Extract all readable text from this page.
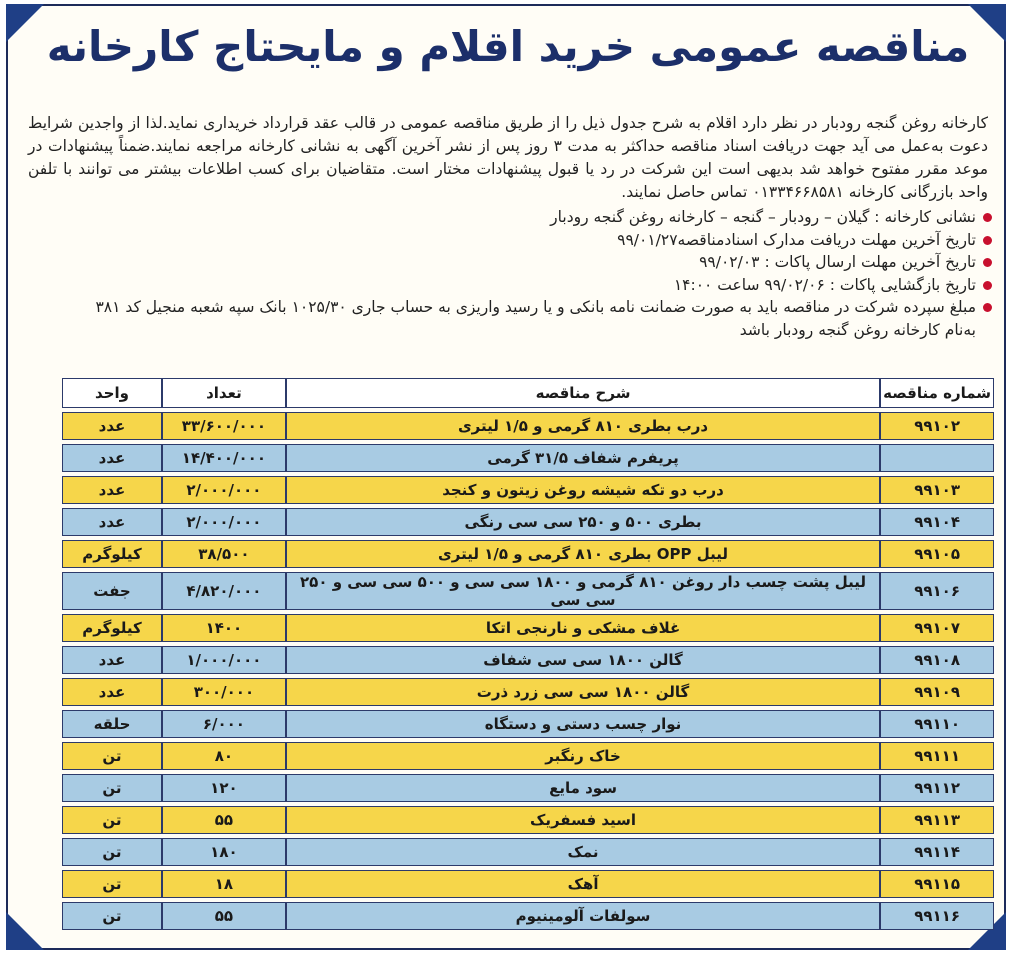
مناقصه عمومی خرید اقلام و مایحتاج کارخانه
کارخانه روغن گنجه رودبار در نظر دارد اقلام به شرح جدول ذیل را از طریق مناقصه عمومی در قالب عقد قرارداد خریداری نماید.لذا از واجدین شرایط دعوت به‌عمل می آید جهت دریافت اسناد مناقصه حداکثر به مدت ۳ روز پس از نشر آخرین آگهی به نشانی کارخانه مراجعه نمایند.ضمناً پیشنهادات در موعد مقرر مفتوح خواهد شد بدیهی است این شرکت در رد یا قبول پیشنهادات مختار است. متقاضیان برای کسب اطلاعات بیشتر می توانند با تلفن واحد بازرگانی کارخانه ۰۱۳۳۴۶۶۸۵۸۱ تماس حاصل نمایند.
نشانی کارخانه : گیلان – رودبار – گنجه – کارخانه روغن گنجه رودبار
تاریخ آخرین مهلت دریافت مدارک اسنادمناقصه۹۹/۰۱/۲۷
تاریخ آخرین مهلت ارسال پاکات : ۹۹/۰۲/۰۳
تاریخ بازگشایی پاکات : ۹۹/۰۲/۰۶ ساعت ۱۴:۰۰
مبلغ سپرده شرکت در مناقصه باید به صورت ضمانت نامه بانکی و یا رسید واریزی به حساب جاری ۱۰۲۵/۳۰ بانک سپه شعبه منجیل کد ۳۸۱
به‌نام کارخانه روغن گنجه رودبار باشد
شماره مناقصه	شرح مناقصه	تعداد	واحد
۹۹۱۰۲	درب بطری ۸۱۰ گرمی و ۱/۵ لیتری	۳۳/۶۰۰/۰۰۰	عدد
	پریفرم شفاف ۳۱/۵ گرمی	۱۴/۴۰۰/۰۰۰	عدد
۹۹۱۰۳	درب دو تکه شیشه روغن زیتون و کنجد	۲/۰۰۰/۰۰۰	عدد
۹۹۱۰۴	بطری ۵۰۰ و ۲۵۰ سی سی رنگی	۲/۰۰۰/۰۰۰	عدد
۹۹۱۰۵	لیبل OPP بطری ۸۱۰ گرمی و ۱/۵ لیتری	۳۸/۵۰۰	کیلوگرم
۹۹۱۰۶	لیبل پشت چسب دار روغن ۸۱۰ گرمی و ۱۸۰۰ سی سی و ۵۰۰ سی سی و ۲۵۰ سی سی	۴/۸۲۰/۰۰۰	جفت
۹۹۱۰۷	غلاف مشکی و نارنجی اتکا	۱۴۰۰	کیلوگرم
۹۹۱۰۸	گالن ۱۸۰۰ سی سی شفاف	۱/۰۰۰/۰۰۰	عدد
۹۹۱۰۹	گالن ۱۸۰۰ سی سی زرد ذرت	۳۰۰/۰۰۰	عدد
۹۹۱۱۰	نوار چسب دستی و دستگاه	۶/۰۰۰	حلقه
۹۹۱۱۱	خاک رنگبر	۸۰	تن
۹۹۱۱۲	سود مایع	۱۲۰	تن
۹۹۱۱۳	اسید فسفریک	۵۵	تن
۹۹۱۱۴	نمک	۱۸۰	تن
۹۹۱۱۵	آهک	۱۸	تن
۹۹۱۱۶	سولفات آلومینیوم	۵۵	تن
